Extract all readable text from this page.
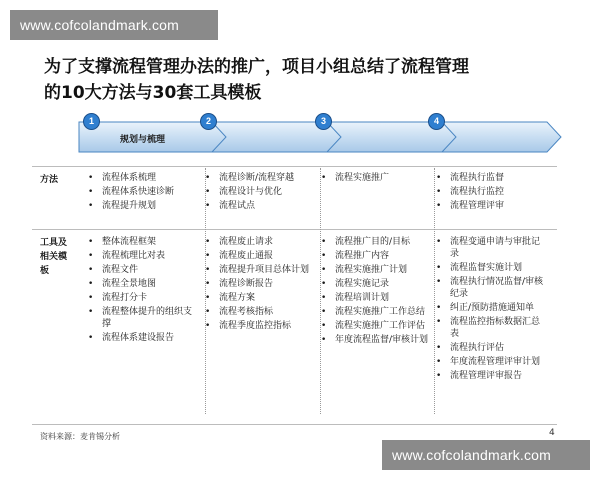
www.cofcolandmark.com
为了支撑流程管理办法的推广，项目小组总结了流程管理
的10大方法与30套工具模板
1	2	3	4
规划与梳理
方法
工具及相关模板
• 流程体系梳理
• 流程体系快速诊断
• 流程提升规划
• 流程诊断/流程穿越
• 流程设计与优化
• 流程试点
• 流程实施推广
•	流程执行监督
• 流程执行监控
• 流程管理评审
• 整体流程框架
• 流程梳理比对表
• 流程文件
• 流程全景地图
• 流程打分卡
• 流程整体提升的组织支撑
• 流程体系建设报告
• 流程废止请求
• 流程废止通报
• 流程提升项目总体计划
• 流程诊断报告
• 流程方案
• 流程考核指标
• 流程季度监控指标
• 流程推广目的/目标
• 流程推广内容
• 流程实施推广计划
• 流程实施记录
• 流程培训计划
• 流程实施推广工作总结
• 流程实施推广工作评估
• 年度流程监督/审核计划
• 流程变通申请与审批记录
• 流程监督实施计划
• 流程执行情况监督/审核纪录
• 纠正/预防措施通知单
• 流程监控指标数据汇总表
• 流程执行评估
• 年度流程管理评审计划
• 流程管理评审报告
资料来源：麦肯锡分析	4
www.cofcolandmark.com
